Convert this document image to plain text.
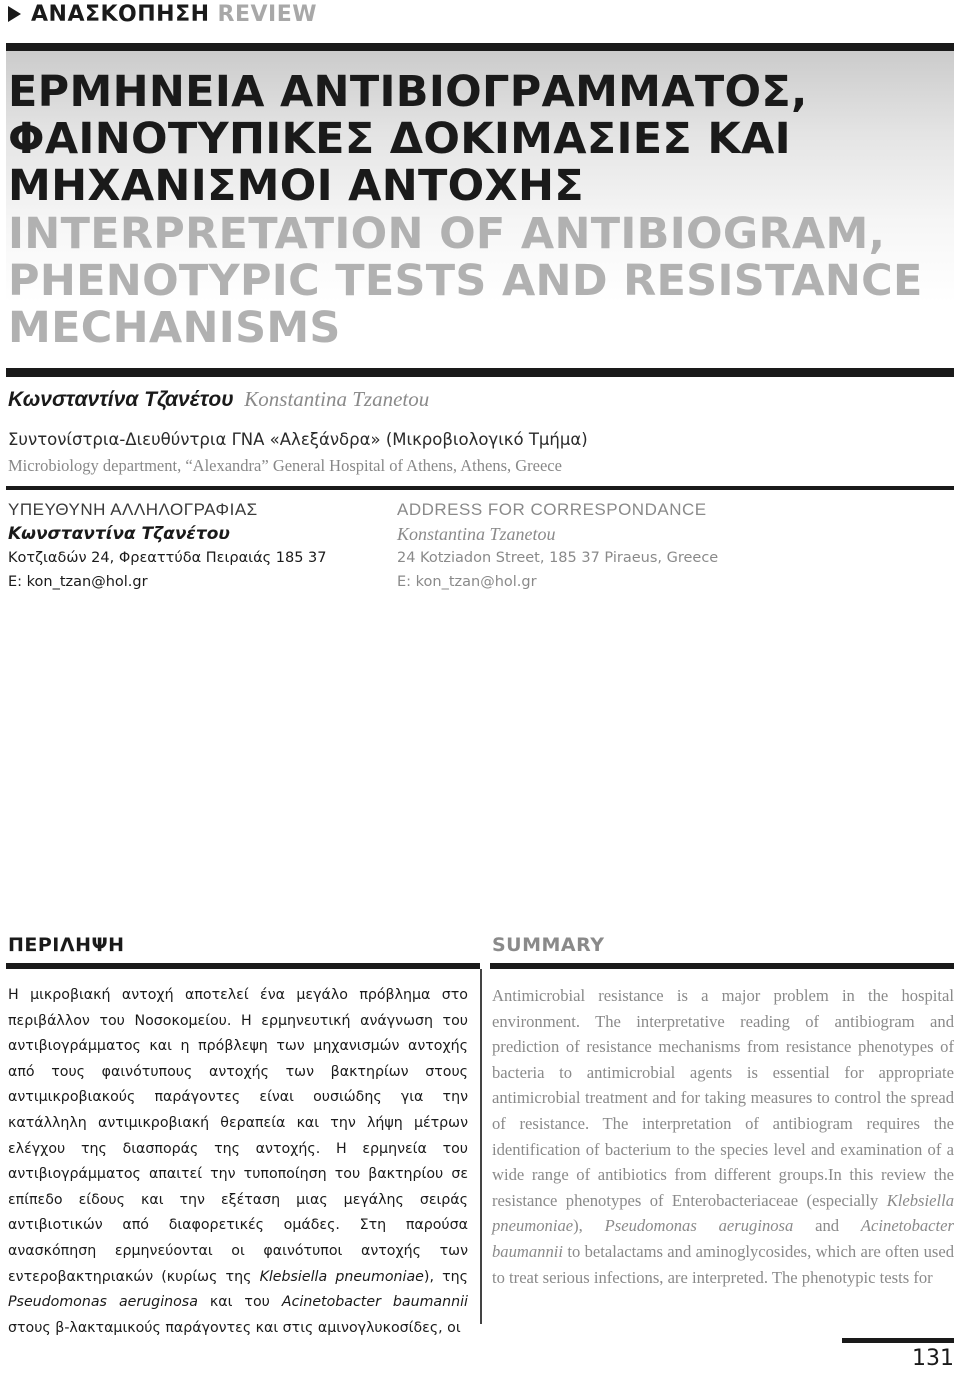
ΑΝΑΣΚΟΠΗΣΗ REVIEW
ΕΡΜΗΝΕΙΑ ΑΝΤΙΒΙΟΓΡΑΜΜΑΤΟΣ, ΦΑΙΝΟΤΥΠΙΚΕΣ ΔΟΚΙΜΑΣΙΕΣ ΚΑΙ ΜΗΧΑΝΙΣΜΟΙ ΑΝΤΟΧΗΣ
INTERPRETATION OF ANTIBIOGRAM, PHENOTYPIC TESTS AND RESISTANCE MECHANISMS
Κωνσταντίνα Τζανέτου Konstantina Tzanetou
Συντονίστρια-Διευθύντρια ΓΝΑ «Αλεξάνδρα» (Μικροβιολογικό Τμήμα)
Microbiology department, “Alexandra” General Hospital of Athens, Athens, Greece
ΥΠΕΥΘΥΝΗ ΑΛΛΗΛΟΓΡΑΦΙΑΣ
Κωνσταντίνα Τζανέτου
Κοτζιαδών 24, Φρεαττύδα Πειραιάς 185 37
E: kon_tzan@hol.gr
ADDRESS FOR CORRESPONDANCE
Konstantina Tzanetou
24 Kotziadon Street, 185 37 Piraeus, Greece
E: kon_tzan@hol.gr
ΠΕΡΙΛΗΨΗ	SUMMARY

Η μικροβιακή αντοχή αποτελεί ένα μεγάλο πρόβλημα στο περιβάλλον του Νοσοκομείου. Η ερμηνευτική ανάγνωση του αντιβιογράμματος και η πρόβλεψη των μηχανισμών αντοχής από τους φαινότυπους αντοχής των βακτηρίων στους αντιμικροβιακούς παράγοντες είναι ουσιώδης για την κατάλληλη αντιμικροβιακή θεραπεία και την λήψη μέτρων ελέγχου της διασποράς της αντοχής. Η ερμηνεία του αντιβιογράμματος απαιτεί την τυποποίηση του βακτηρίου σε επίπεδο είδους και την εξέταση μιας μεγάλης σειράς αντιβιοτικών από διαφορετικές ομάδες. Στη παρούσα ανασκόπηση ερμηνεύονται οι φαινότυποι αντοχής των εντεροβακτηριακών (κυρίως της Klebsiella pneumoniae), της Pseudomonas aeruginosa και του Acinetobacter baumannii στους β-λακταμικούς παράγοντες και στις αμινογλυκοσίδες, οι

Antimicrobial resistance is a major problem in the hospital environment. The interpretative reading of antibiogram and prediction of resistance mechanisms from resistance phenotypes of bacteria to antimicrobial agents is essential for appropriate antimicrobial treatment and for taking measures to control the spread of resistance. The interpretation of antibiogram requires the identification of bacterium to the species level and examination of a wide range of antibiotics from different groups.In this review the resistance phenotypes of Enterobacteriaceae (especially Klebsiella pneumoniae), Pseudomonas aeruginosa and Acinetobacter baumannii to betalactams and aminoglycosides, which are often used to treat serious infections, are interpreted. The phenotypic tests for

131
